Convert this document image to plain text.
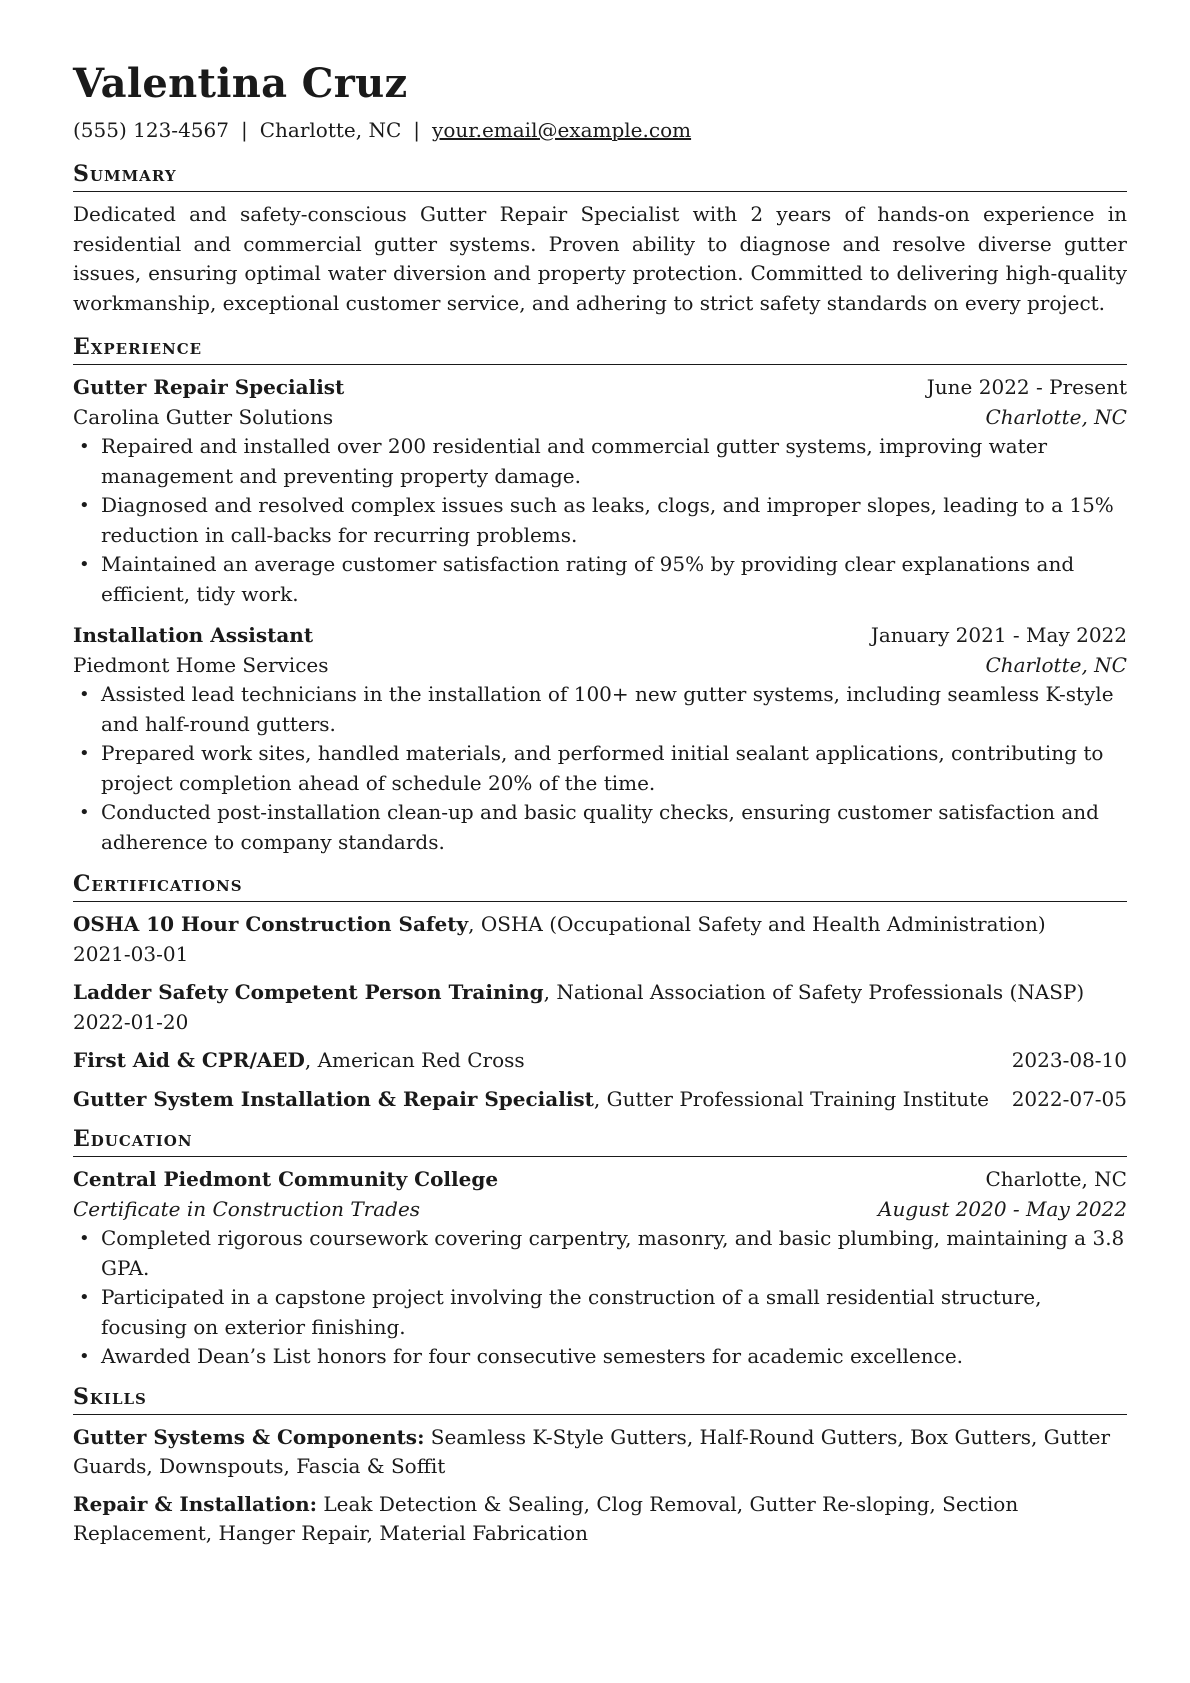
Valentina Cruz
(555) 123-4567 | Charlotte, NC | your.email@example.com
Summary

Dedicated and safety-conscious Gutter Repair Specialist with 2 years of hands-on experience in residential and commercial gutter systems. Proven ability to diagnose and resolve diverse gutter issues, ensuring optimal water diversion and property protection. Committed to delivering high-quality workmanship, exceptional customer service, and adhering to strict safety standards on every project.

Experience
Gutter Repair Specialist	June 2022 - Present
Carolina Gutter Solutions	Charlotte, NC
• Repaired and installed over 200 residential and commercial gutter systems, improving water management and preventing property damage.
• Diagnosed and resolved complex issues such as leaks, clogs, and improper slopes, leading to a 15% reduction in call-backs for recurring problems.
• Maintained an average customer satisfaction rating of 95% by providing clear explanations and efficient, tidy work.
Installation Assistant	January 2021 - May 2022
Piedmont Home Services	Charlotte, NC
• Assisted lead technicians in the installation of 100+ new gutter systems, including seamless K-style and half-round gutters.
• Prepared work sites, handled materials, and performed initial sealant applications, contributing to project completion ahead of schedule 20% of the time.
• Conducted post-installation clean-up and basic quality checks, ensuring customer satisfaction and adherence to company standards.
Certifications
OSHA 10 Hour Construction Safety, OSHA (Occupational Safety and Health Administration)
2021-03-01
Ladder Safety Competent Person Training, National Association of Safety Professionals (NASP)
2022-01-20
First Aid & CPR/AED, American Red Cross	2023-08-10
Gutter System Installation & Repair Specialist, Gutter Professional Training Institute 2022-07-05
Education
Central Piedmont Community College	Charlotte, NC
Certificate in Construction Trades	August 2020 - May 2022
• Completed rigorous coursework covering carpentry, masonry, and basic plumbing, maintaining a 3.8 GPA.
• Participated in a capstone project involving the construction of a small residential structure, focusing on exterior finishing.
• Awarded Dean’s List honors for four consecutive semesters for academic excellence.
Skills
Gutter Systems & Components: Seamless K-Style Gutters, Half-Round Gutters, Box Gutters, Gutter Guards, Downspouts, Fascia & Soffit
Repair & Installation: Leak Detection & Sealing, Clog Removal, Gutter Re-sloping, Section Replacement, Hanger Repair, Material Fabrication
